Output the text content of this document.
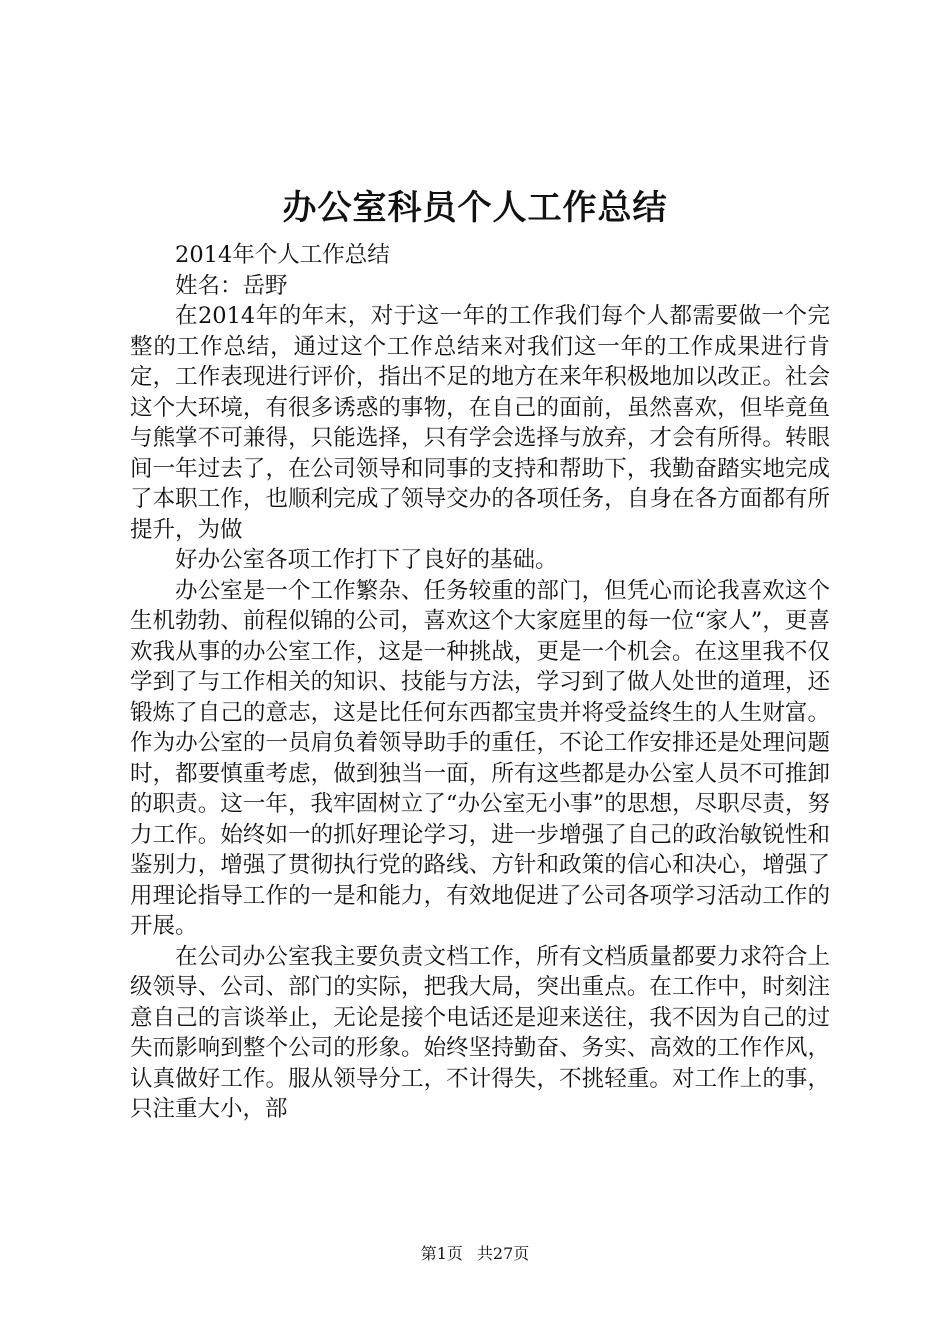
办公室科员个人工作总结

2014年个人工作总结

姓名：岳野

在2014年的年末，对于这一年的工作我们每个人都需要做一个完整的工作总结，通过这个工作总结来对我们这一年的工作成果进行肯定，工作表现进行评价，指出不足的地方在来年积极地加以改正。社会这个大环境，有很多诱惑的事物，在自己的面前，虽然喜欢，但毕竟鱼与熊掌不可兼得，只能选择，只有学会选择与放弃，才会有所得。转眼间一年过去了，在公司领导和同事的支持和帮助下，我勤奋踏实地完成了本职工作，也顺利完成了领导交办的各项任务，自身在各方面都有所提升，为做

好办公室各项工作打下了良好的基础。

办公室是一个工作繁杂、任务较重的部门，但凭心而论我喜欢这个生机勃勃、前程似锦的公司，喜欢这个大家庭里的每一位“家人”，更喜欢我从事的办公室工作，这是一种挑战，更是一个机会。在这里我不仅学到了与工作相关的知识、技能与方法，学习到了做人处世的道理，还锻炼了自己的意志，这是比任何东西都宝贵并将受益终生的人生财富。作为办公室的一员肩负着领导助手的重任，不论工作安排还是处理问题时，都要慎重考虑，做到独当一面，所有这些都是办公室人员不可推卸的职责。这一年，我牢固树立了“办公室无小事”的思想，尽职尽责，努力工作。始终如一的抓好理论学习，进一步增强了自己的政治敏锐性和鉴别力，增强了贯彻执行党的路线、方针和政策的信心和决心，增强了用理论指导工作的一是和能力，有效地促进了公司各项学习活动工作的开展。

在公司办公室我主要负责文档工作，所有文档质量都要力求符合上级领导、公司、部门的实际，把我大局，突出重点。在工作中，时刻注意自己的言谈举止，无论是接个电话还是迎来送往，我不因为自己的过失而影响到整个公司的形象。始终坚持勤奋、务实、高效的工作作风，认真做好工作。服从领导分工，不计得失，不挑轻重。对工作上的事，只注重大小，部

第1页 共27页
